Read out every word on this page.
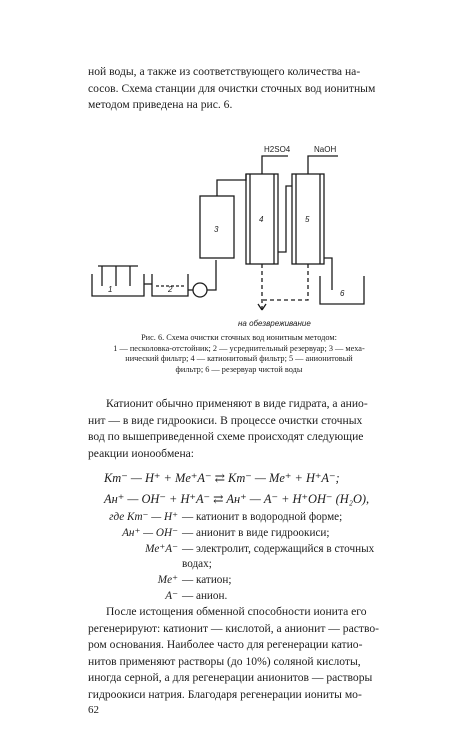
ной воды, а также из соответствующего количества на-
сосов. Схема станции для очистки сточных вод ионитным
методом приведена на рис. 6.
H2SO4	NaOH
на обезвреживание
1	2
3
4	5
6
Рис. 6. Схема очистки сточных вод ионитным методом:
1 — песколовка-отстойник; 2 — усреднительный резервуар; 3 — меха-
нический фильтр; 4 — катионитовый фильтр; 5 — анионитовый
фильтр; 6 — резервуар чистой воды
Катионит обычно применяют в виде гидрата, а анио-
нит — в виде гидроокиси. В процессе очистки сточных
вод по вышеприведенной схеме происходят следующие
реакции ионообмена:
Kт⁻ — H⁺ + Me⁺A⁻ ⇄ Kт⁻ — Me⁺ + H⁺A⁻;
Aн⁺ — OH⁻ + H⁺A⁻ ⇄ Aн⁺ — A⁻ + H⁺OH⁻ (H₂O),
где Kт⁻ — H⁺ — катионит в водородной форме;
Aн⁺ — OH⁻ — анионит в виде гидроокиси;
Me⁺A⁻ — электролит, содержащийся в сточных
водах;
Me⁺ — катион;
A⁻ — анион.
После истощения обменной способности ионита его
регенерируют: катионит — кислотой, а анионит — раство-
ром основания. Наиболее часто для регенерации катио-
нитов применяют растворы (до 10%) соляной кислоты,
иногда серной, а для регенерации анионитов — растворы
гидроокиси натрия. Благодаря регенерации иониты мо-
62
